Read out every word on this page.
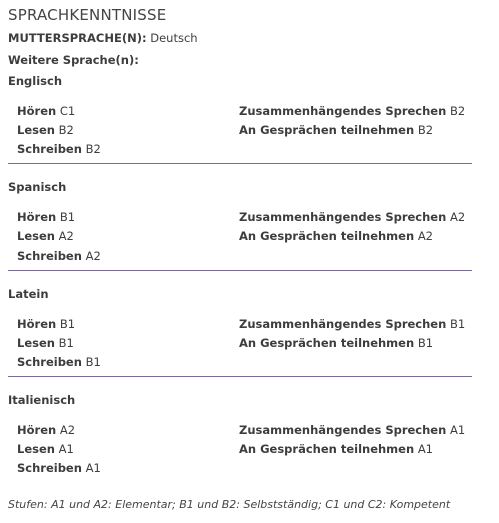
SPRACHKENNTNISSE
MUTTERSPRACHE(N): Deutsch
Weitere Sprache(n):
Englisch
Hören C1
Lesen B2
Schreiben B2
Zusammenhängendes Sprechen B2
An Gesprächen teilnehmen B2
Spanisch
Hören B1
Lesen A2
Schreiben A2
Zusammenhängendes Sprechen A2
An Gesprächen teilnehmen A2
Latein
Hören B1
Lesen B1
Schreiben B1
Zusammenhängendes Sprechen B1
An Gesprächen teilnehmen B1
Italienisch
Hören A2
Lesen A1
Schreiben A1
Zusammenhängendes Sprechen A1
An Gesprächen teilnehmen A1
Stufen: A1 und A2: Elementar; B1 und B2: Selbstständig; C1 und C2: Kompetent
